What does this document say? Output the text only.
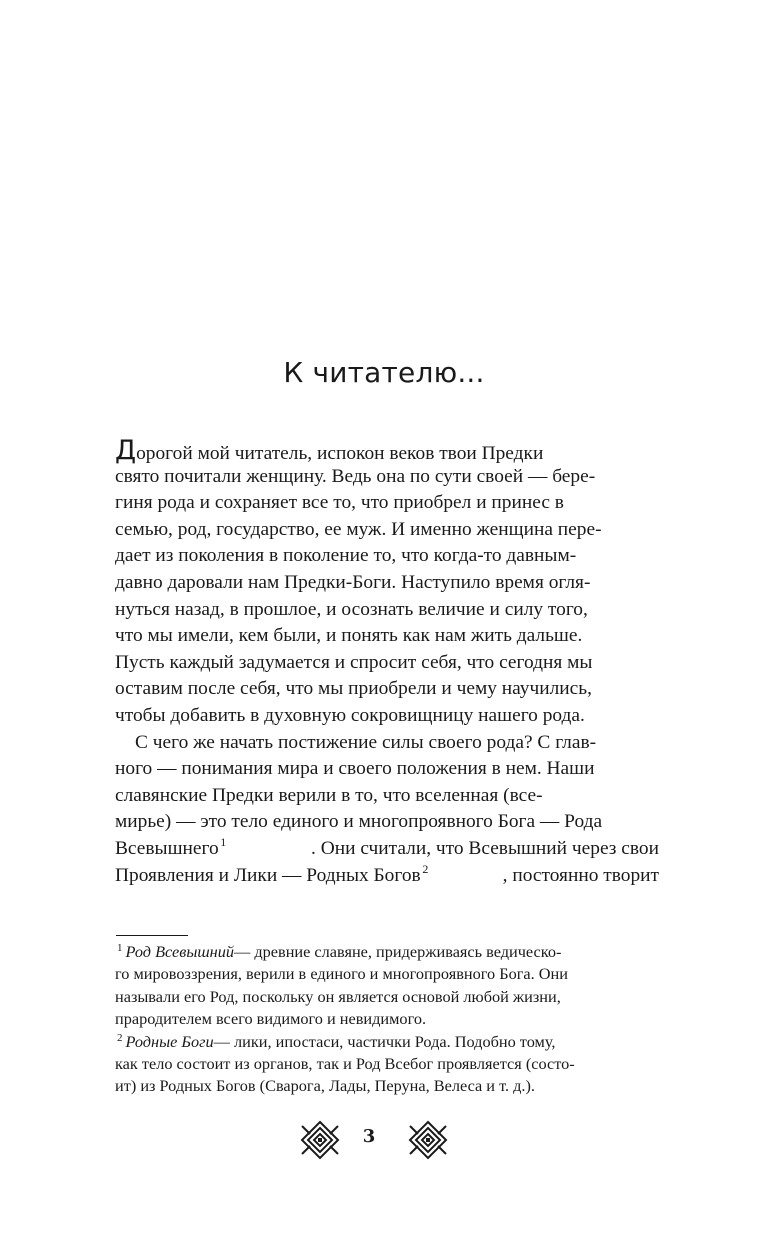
К читателю...
Дорогой мой читатель, испокон веков твои Предки
свято почитали женщину. Ведь она по сути своей — бере-
гиня рода и сохраняет все то, что приобрел и принес в
семью, род, государство, ее муж. И именно женщина пере-
дает из поколения в поколение то, что когда-то давным-
давно даровали нам Предки-Боги. Наступило время огля-
нуться назад, в прошлое, и осознать величие и силу того,
что мы имели, кем были, и понять как нам жить дальше.
Пусть каждый задумается и спросит себя, что сегодня мы
оставим после себя, что мы приобрели и чему научились,
чтобы добавить в духовную сокровищницу нашего рода.
С чего же начать постижение силы своего рода? С глав-
ного — понимания мира и своего положения в нем. Наши
славянские Предки верили в то, что вселенная (все-
мирье) — это тело единого и многопроявного Бога — Рода
Всевышнего  $^1$	. Они считали, что Всевышний через свои
Проявления и Лики — Родных Богов  $^2$	, постоянно творит
1 Род Всевышний— древние славяне, придерживаясь ведическо-
го мировоззрения, верили в единого и многопроявного Бога. Они
называли его Род, поскольку он является основой любой жизни,
прародителем всего видимого и невидимого.
2 Родные Боги— лики, ипостаси, частички Рода. Подобно тому,
как тело состоит из органов, так и Род Всебог проявляется (состо-
ит) из Родных Богов (Сварога, Лады, Перуна, Велеса и т. д.).
3
